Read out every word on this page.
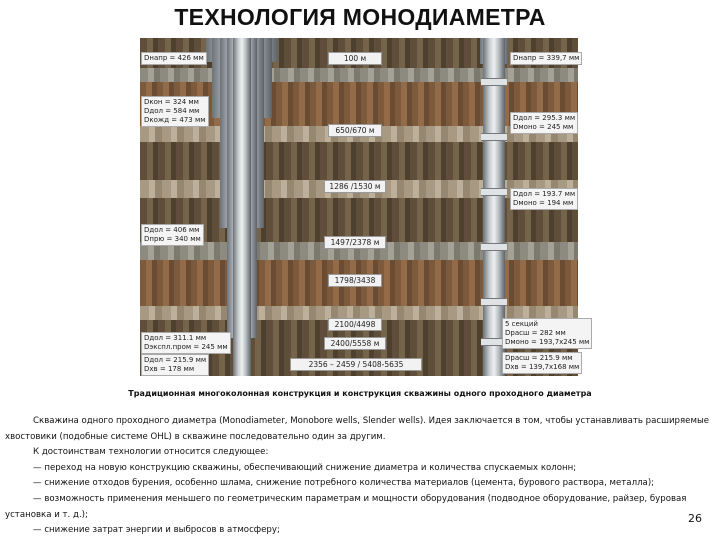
ТЕХНОЛОГИЯ МОНОДИАМЕТРА
Dнапр = 426 мм
Dкон = 324 мм
Dдол = 584 мм
Dкожд = 473 мм
Dдол = 406 мм
Dпрю = 340 мм
Dдол = 311.1 мм
Dэкспл.пром = 245 мм
Dдол = 215.9 мм
Dхв = 178 мм
Dнапр = 339,7 мм
Dдол = 295.3 мм
Dмоно = 245 мм
Dдол = 193.7 мм
Dмоно = 194 мм
5 секций
Dрасш = 282 мм
Dмоно = 193,7x245 мм
Dрасш = 215.9 мм
Dхв = 139,7x168 мм
100 м
650/670 м
1286 /1530 м
1497/2378 м
1798/3438
2100/4498
2400/5558 м
2356 – 2459 / 5408-5635
Традиционная многоколонная конструкция и конструкция скважины одного проходного диаметра

Скважина одного проходного диаметра (Monodiameter, Monobore wells, Slender wells). Идея заключается в том, чтобы устанавливать расширяемые хвостовики (подобные системе OHL) в скважине последовательно один за другим.

К достоинствам технологии относится следующее:

— переход на новую конструкцию скважины, обеспечивающий снижение диаметра и количества спускаемых колонн;

— снижение отходов бурения, особенно шлама, снижение потребного количества материалов (цемента, бурового раствора, металла);

— возможность применения меньшего по геометрическим параметрам и мощности оборудования (подводное оборудование, райзер, буровая установка и т. д.);

— снижение затрат энергии и выбросов в атмосферу;

26
